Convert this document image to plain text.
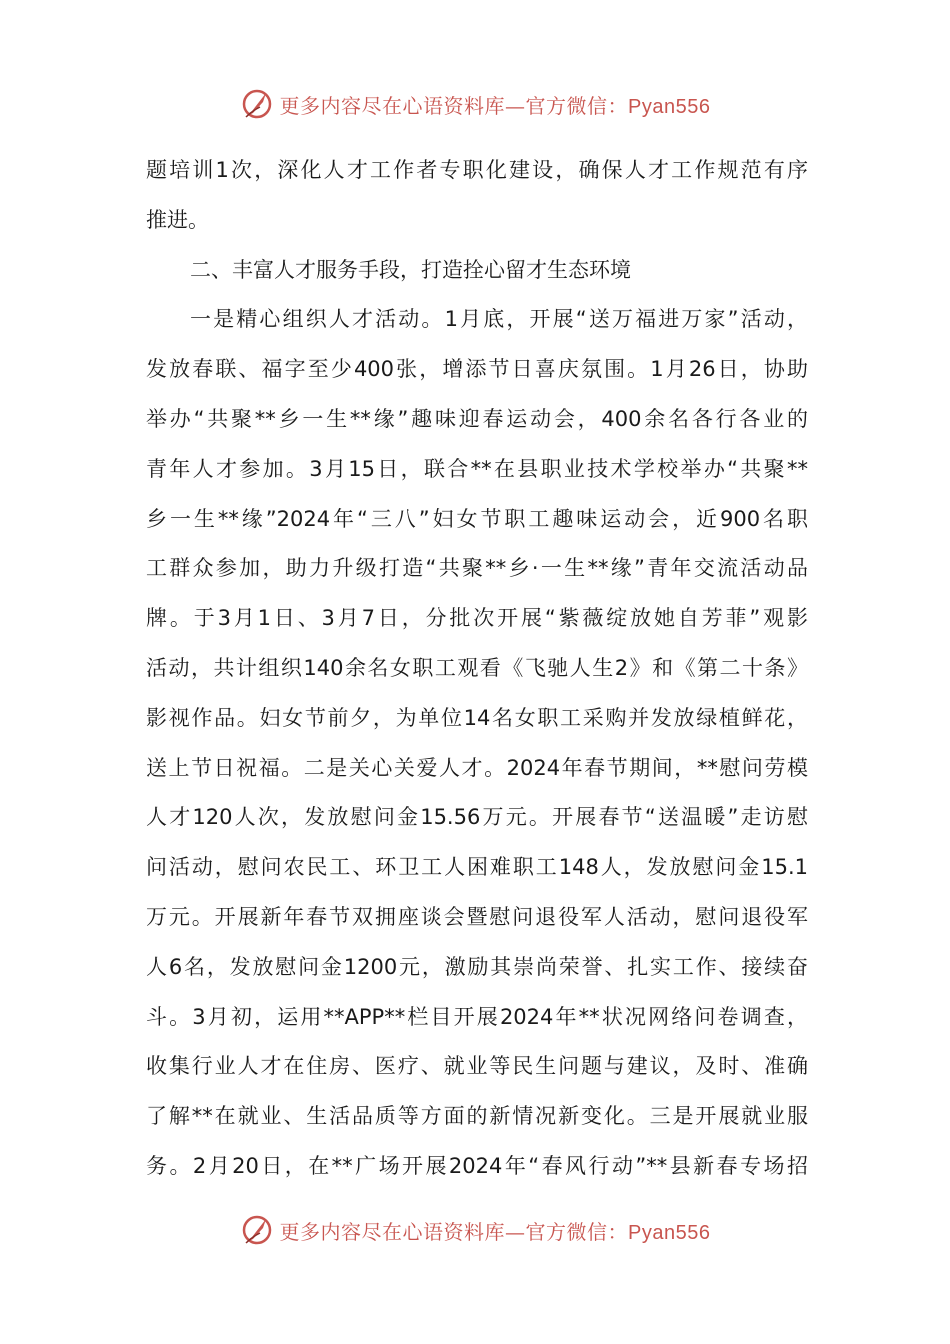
更多内容尽在心语资料库—官方微信：Pyan556
题培训1次，深化人才工作者专职化建设，确保人才工作规范有序
推进。
二、丰富人才服务手段，打造拴心留才生态环境
一是精心组织人才活动。1月底，开展“送万福进万家”活动，
发放春联、福字至少400张，增添节日喜庆氛围。1月26日，协助
举办“共聚**乡一生**缘”趣味迎春运动会，400余名各行各业的
青年人才参加。3月15日，联合**在县职业技术学校举办“共聚**
乡一生**缘”2024年“三八”妇女节职工趣味运动会，近900名职
工群众参加，助力升级打造“共聚**乡·一生**缘”青年交流活动品
牌。于3月1日、3月7日，分批次开展“紫薇绽放她自芳菲”观影
活动，共计组织140余名女职工观看《飞驰人生2》和《第二十条》
影视作品。妇女节前夕，为单位14名女职工采购并发放绿植鲜花，
送上节日祝福。二是关心关爱人才。2024年春节期间，**慰问劳模
人才120人次，发放慰问金15.56万元。开展春节“送温暖”走访慰
问活动，慰问农民工、环卫工人困难职工148人，发放慰问金15.1
万元。开展新年春节双拥座谈会暨慰问退役军人活动，慰问退役军
人6名，发放慰问金1200元，激励其崇尚荣誉、扎实工作、接续奋
斗。3月初，运用**APP**栏目开展2024年**状况网络问卷调查，
收集行业人才在住房、医疗、就业等民生问题与建议，及时、准确
了解**在就业、生活品质等方面的新情况新变化。三是开展就业服
务。2月20日，在**广场开展2024年“春风行动”**县新春专场招
更多内容尽在心语资料库—官方微信：Pyan556
